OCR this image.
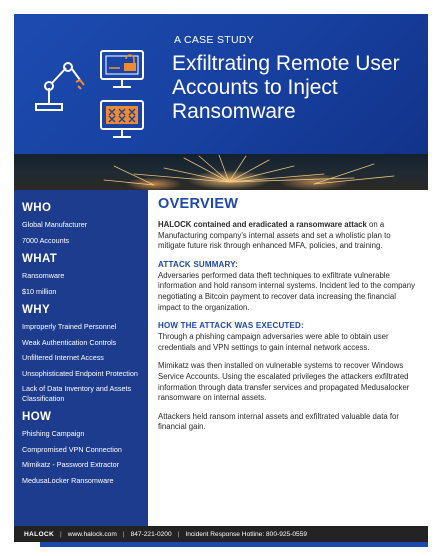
A CASE STUDY
Exfiltrating Remote User Accounts to Inject Ransomware
WHO
Global Manufacturer
7000 Accounts
WHAT
Ransomware
$10 million
WHY
Improperly Trained Personnel
Weak Authentication Controls
Unfiltered Internet Access
Unsophisticated Endpoint Protection
Lack of Data Inventory and Assets Classification
HOW
Phishing Campaign
Compromised VPN Connection
Mimikatz - Password Extractor
MedusaLocker Ransomware
OVERVIEW

HALOCK contained and eradicated a ransomware attack on a Manufacturing company’s internal assets and set a wholistic plan to mitigate future risk through enhanced MFA, policies, and training.

ATTACK SUMMARY:

Adversaries performed data theft techniques to exfiltrate vulnerable information and hold ransom internal systems. Incident led to the company negotiating a Bitcoin payment to recover data increasing the financial impact to the organization.

HOW THE ATTACK WAS EXECUTED:

Through a phishing campaign adversaries were able to obtain user credentials and VPN settings to gain internal network access.

Mimikatz was then installed on vulnerable systems to recover Windows Service Accounts. Using the escalated privileges the attackers exfiltrated information through data transfer services and propagated Medusalocker ransomware on internal assets.

Attackers held ransom internal assets and exfiltrated valuable data for financial gain.

HALOCK | www.halock.com | 847-221-0200 | Incident Response Hotline: 800-925-0559
